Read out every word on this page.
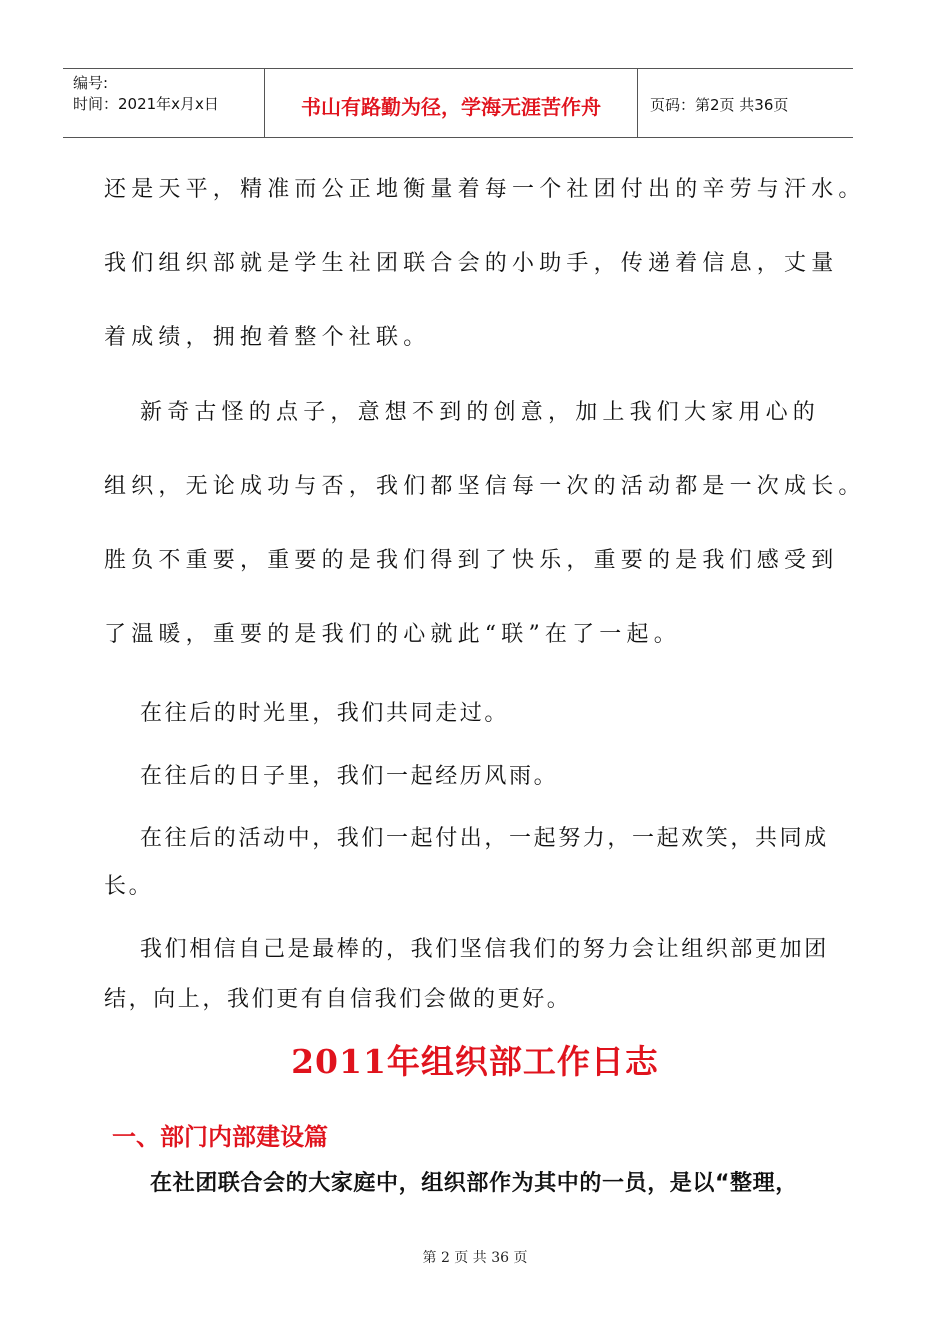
编号:
时间：2021年x月x日	书山有路勤为径，学海无涯苦作舟	页码：第2页 共36页
还是天平，精准而公正地衡量着每一个社团付出的辛劳与汗水。
我们组织部就是学生社团联合会的小助手，传递着信息，丈量
着成绩，拥抱着整个社联。
新奇古怪的点子，意想不到的创意，加上我们大家用心的
组织，无论成功与否，我们都坚信每一次的活动都是一次成长。
胜负不重要，重要的是我们得到了快乐，重要的是我们感受到
了温暖，重要的是我们的心就此“联”在了一起。
在往后的时光里，我们共同走过。
在往后的日子里，我们一起经历风雨。
在往后的活动中，我们一起付出，一起努力，一起欢笑，共同成
长。
我们相信自己是最棒的，我们坚信我们的努力会让组织部更加团
结，向上，我们更有自信我们会做的更好。
2011年组织部工作日志
一、部门内部建设篇
在社团联合会的大家庭中，组织部作为其中的一员，是以“整理，
第 2 页 共 36 页
